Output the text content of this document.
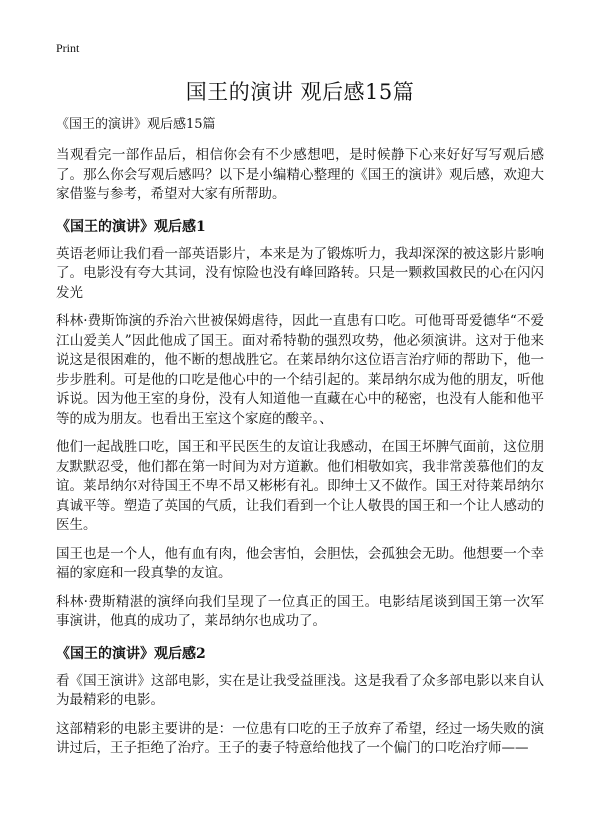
Print
国王的演讲 观后感15篇
《国王的演讲》观后感15篇

当观看完一部作品后，相信你会有不少感想吧，是时候静下心来好好写写观后感了。那么你会写观后感吗？以下是小编精心整理的《国王的演讲》观后感，欢迎大家借鉴与参考，希望对大家有所帮助。

《国王的演讲》观后感1

英语老师让我们看一部英语影片，本来是为了锻炼听力，我却深深的被这影片影响了。电影没有夸大其词，没有惊险也没有峰回路转。只是一颗救国救民的心在闪闪发光

科林·费斯饰演的乔治六世被保姆虐待，因此一直患有口吃。可他哥哥爱德华“不爱江山爱美人”因此他成了国王。面对希特勒的强烈攻势，他必须演讲。这对于他来说这是很困难的，他不断的想战胜它。在莱昂纳尔这位语言治疗师的帮助下，他一步步胜利。可是他的口吃是他心中的一个结引起的。莱昂纳尔成为他的朋友，听他诉说。因为他王室的身份，没有人知道他一直藏在心中的秘密，也没有人能和他平等的成为朋友。也看出王室这个家庭的酸辛。、

他们一起战胜口吃，国王和平民医生的友谊让我感动，在国王坏脾气面前，这位朋友默默忍受，他们都在第一时间为对方道歉。他们相敬如宾，我非常羡慕他们的友谊。莱昂纳尔对待国王不卑不昂又彬彬有礼。即绅士又不做作。国王对待莱昂纳尔真诚平等。塑造了英国的气质，让我们看到一个让人敬畏的国王和一个让人感动的医生。

国王也是一个人，他有血有肉，他会害怕，会胆怯，会孤独会无助。他想要一个幸福的家庭和一段真挚的友谊。

科林·费斯精湛的演绎向我们呈现了一位真正的国王。电影结尾谈到国王第一次军事演讲，他真的成功了，莱昂纳尔也成功了。

《国王的演讲》观后感2

看《国王演讲》这部电影，实在是让我受益匪浅。这是我看了众多部电影以来自认为最精彩的电影。

这部精彩的电影主要讲的是：一位患有口吃的王子放弃了希望，经过一场失败的演讲过后，王子拒绝了治疗。王子的妻子特意给他找了一个偏门的口吃治疗师——
